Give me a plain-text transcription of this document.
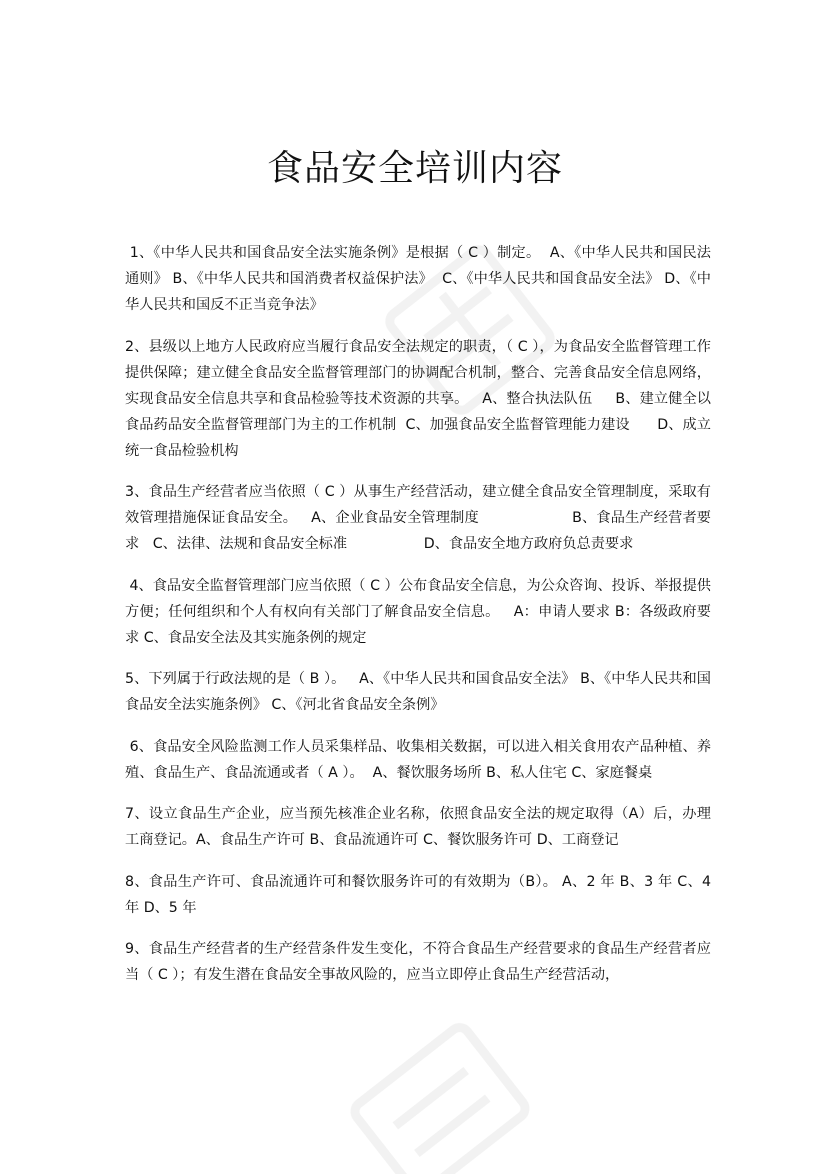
食品安全培训内容

1、《中华人民共和国食品安全法实施条例》是根据（ C ）制定。  A、《中华人民共和国民法通则》 B、《中华人民共和国消费者权益保护法》  C、《中华人民共和国食品安全法》 D、《中华人民共和国反不正当竞争法》

2、县级以上地方人民政府应当履行食品安全法规定的职责，（ C ），为食品安全监督管理工作提供保障；建立健全食品安全监督管理部门的协调配合机制，整合、完善食品安全信息网络，实现食品安全信息共享和食品检验等技术资源的共享。   A、整合执法队伍     B、建立健全以食品药品安全监督管理部门为主的工作机制  C、加强食品安全监督管理能力建设      D、成立统一食品检验机构

3、食品生产经营者应当依照（ C ）从事生产经营活动，建立健全食品安全管理制度，采取有效管理措施保证食品安全。   A、企业食品安全管理制度                    B、食品生产经营者要求   C、法律、法规和食品安全标准                 D、食品安全地方政府负总责要求

4、食品安全监督管理部门应当依照（ C ）公布食品安全信息，为公众咨询、投诉、举报提供方便；任何组织和个人有权向有关部门了解食品安全信息。   A：申请人要求 B：各级政府要求 C、食品安全法及其实施条例的规定

5、下列属于行政法规的是（ B ）。   A、《中华人民共和国食品安全法》 B、《中华人民共和国食品安全法实施条例》 C、《河北省食品安全条例》

6、食品安全风险监测工作人员采集样品、收集相关数据，可以进入相关食用农产品种植、养殖、食品生产、食品流通或者（ A ）。  A、餐饮服务场所 B、私人住宅 C、家庭餐桌

7、设立食品生产企业，应当预先核准企业名称，依照食品安全法的规定取得（A）后，办理工商登记。A、食品生产许可 B、食品流通许可 C、餐饮服务许可 D、工商登记

8、食品生产许可、食品流通许可和餐饮服务许可的有效期为（B）。 A、2 年 B、3 年 C、4 年 D、5 年

9、食品生产经营者的生产经营条件发生变化，不符合食品生产经营要求的食品生产经营者应当（ C ）；有发生潜在食品安全事故风险的，应当立即停止食品生产经营活动，
